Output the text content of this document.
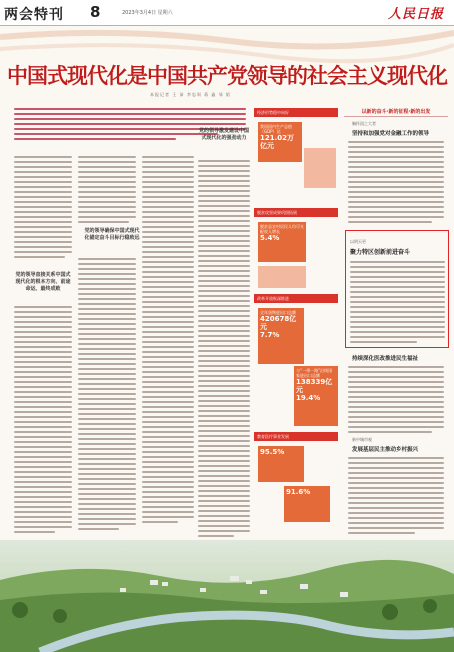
两会特刊 8	2023年3月4日 星期六	人民日报
中国式现代化是中国共产党领导的社会主义现代化
本报记者 王 沛 李忠周 蒋 鑫 邹 韬
党的领导直接关系中国式现代化的根本方向、前途命运、最终成败
党的领导确保中国式现代化锚定奋斗目标行稳致远
党的领导激发建设中国式现代化的强劲动力
经济形势稳中向好
我国国内生产总值（GDP）达
121.02万亿元
脱贫攻坚成果巩固拓展
脱贫县农村居民人均可支配收入增长
5.4%
改革开放纵深推进
全年货物进出口总额
420678亿元
7.7%
与“一带一路”沿线国家进出口总额
138339亿元
19.4%
教育医疗事业发展
95.5%
91.6%
以新的奋斗·新的征程·新的出发
胸怀国之大者
坚持和加强党对金融工作的领导
以明天更
聚力特区创新前进奋斗
持续深化医改推进民生福祉
新中城市观
发展基层民主推动乡村振兴
